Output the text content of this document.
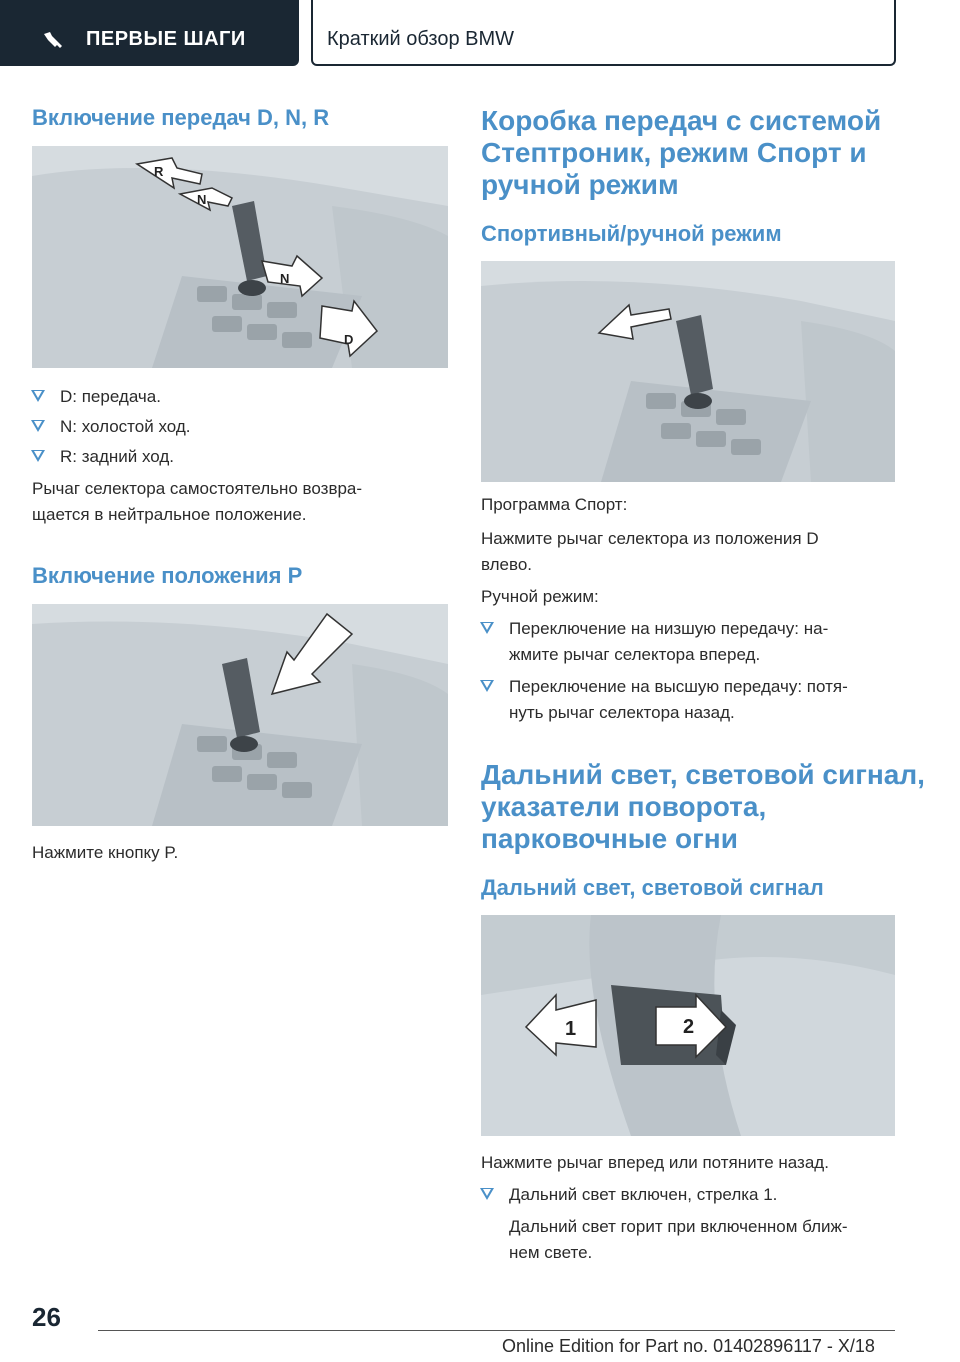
ПЕРВЫЕ ШАГИ	Краткий обзор BMW
Включение передач D, N, R
R
N
N
D
D: передача.
N: холостой ход.
R: задний ход.
Рычаг селектора самостоятельно возвра-
щается в нейтральное положение.
Включение положения P
Нажмите кнопку P.
Коробка передач с системой
Стептроник, режим Спорт и
ручной режим
Спортивный/ручной режим
Программа Спорт:
Нажмите рычаг селектора из положения D
влево.
Ручной режим:
Переключение на низшую передачу: на-
жмите рычаг селектора вперед.
Переключение на высшую передачу: потя-
нуть рычаг селектора назад.
Дальний свет, световой сигнал,
указатели поворота,
парковочные огни
Дальний свет, световой сигнал
1	2
Нажмите рычаг вперед или потяните назад.
Дальний свет включен, стрелка 1.
Дальний свет горит при включенном ближ-
нем свете.
26
Online Edition for Part no. 01402896117 - X/18
